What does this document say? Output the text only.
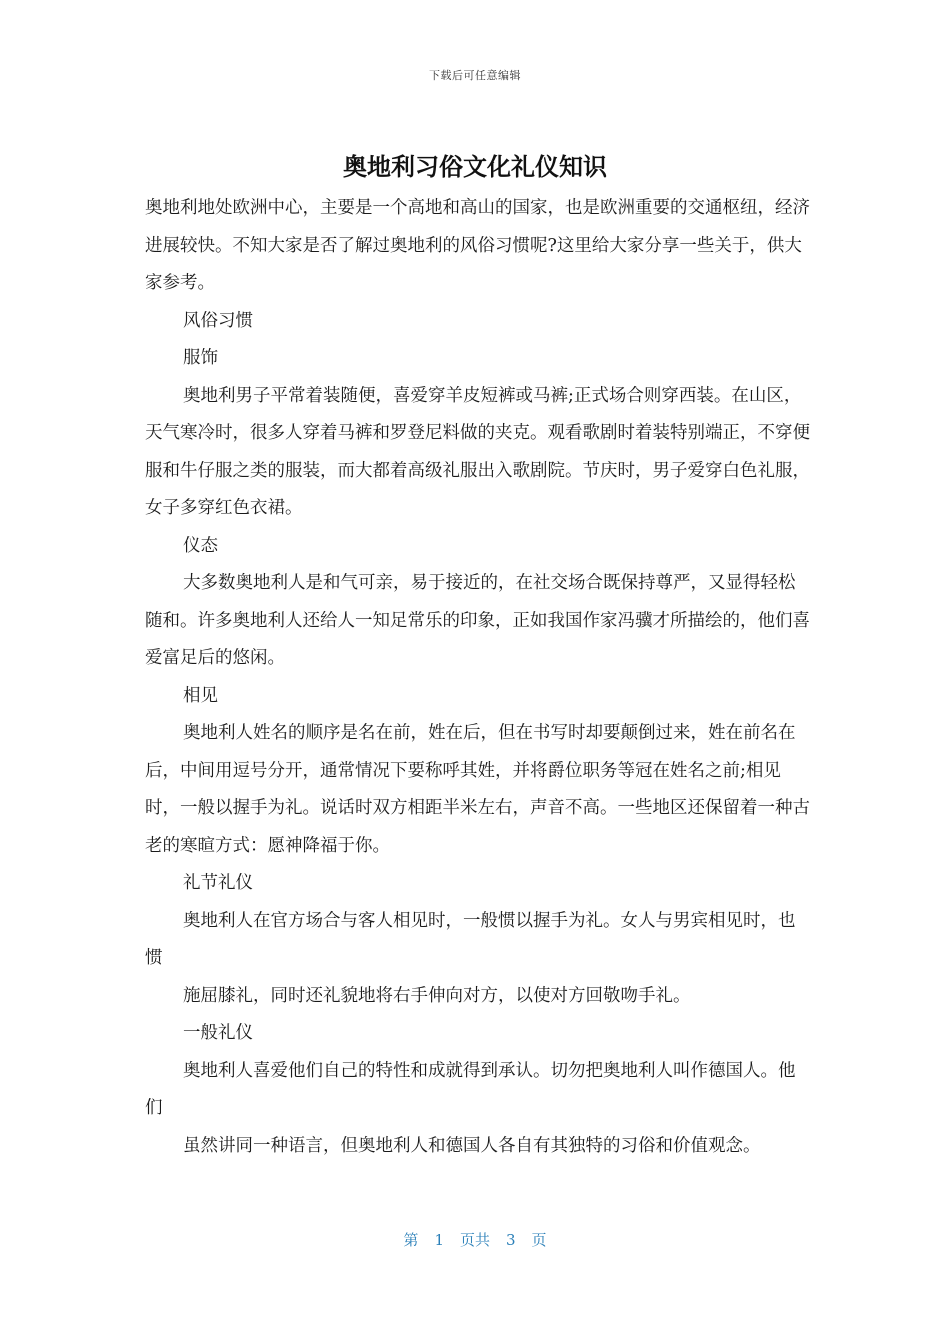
下载后可任意编辑
奥地利习俗文化礼仪知识

奥地利地处欧洲中心，主要是一个高地和高山的国家，也是欧洲重要的交通枢纽，经济进展较快。不知大家是否了解过奥地利的风俗习惯呢?这里给大家分享一些关于，供大家参考。

风俗习惯

服饰

奥地利男子平常着装随便，喜爱穿羊皮短裤或马裤;正式场合则穿西装。在山区，天气寒冷时，很多人穿着马裤和罗登尼料做的夹克。观看歌剧时着装特别端正，不穿便服和牛仔服之类的服装，而大都着高级礼服出入歌剧院。节庆时，男子爱穿白色礼服，女子多穿红色衣裙。

仪态

大多数奥地利人是和气可亲，易于接近的，在社交场合既保持尊严，又显得轻松随和。许多奥地利人还给人一知足常乐的印象，正如我国作家冯骥才所描绘的，他们喜爱富足后的悠闲。

相见

奥地利人姓名的顺序是名在前，姓在后，但在书写时却要颠倒过来，姓在前名在后，中间用逗号分开，通常情况下要称呼其姓，并将爵位职务等冠在姓名之前;相见时，一般以握手为礼。说话时双方相距半米左右，声音不高。一些地区还保留着一种古老的寒暄方式：愿神降福于你。

礼节礼仪

奥地利人在官方场合与客人相见时，一般惯以握手为礼。女人与男宾相见时，也惯

施屈膝礼，同时还礼貌地将右手伸向对方，以使对方回敬吻手礼。

一般礼仪

奥地利人喜爱他们自己的特性和成就得到承认。切勿把奥地利人叫作德国人。他们

虽然讲同一种语言，但奥地利人和德国人各自有其独特的习俗和价值观念。

第 1 页共 3 页
